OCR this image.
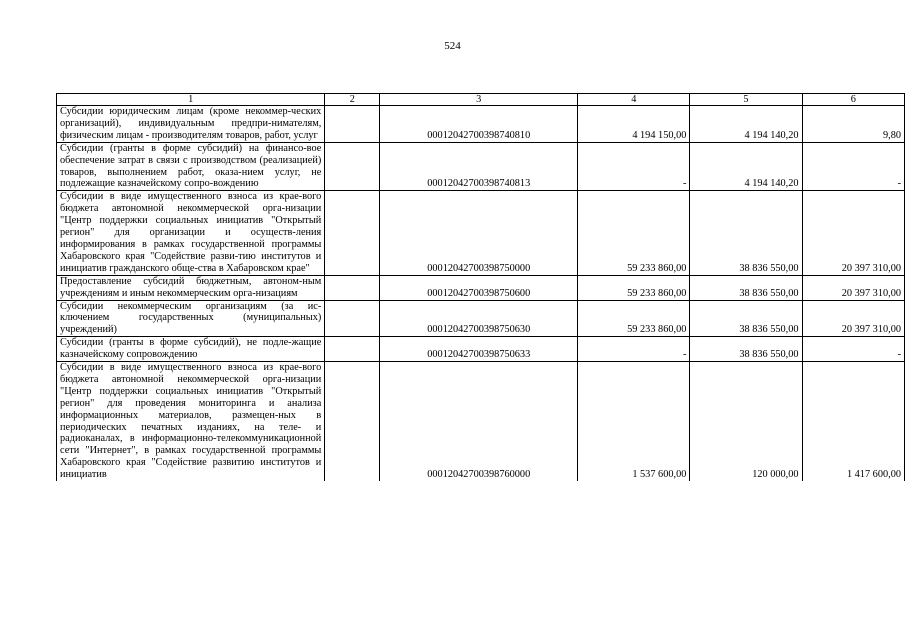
524
1	2	3	4	5	6
Субсидии юридическим лицам (кроме некоммер-ческих организаций), индивидуальным предпри-нимателям, физическим лицам - производителям товаров, работ, услуг		00012042700398740810	4 194 150,00	4 194 140,20	9,80
Субсидии (гранты в форме субсидий) на финансо-вое обеспечение затрат в связи с производством (реализацией) товаров, выполнением работ, оказа-нием услуг, не подлежащие казначейскому сопро-вождению		00012042700398740813	-	4 194 140,20	-
Субсидии в виде имущественного взноса из крае-вого бюджета автономной некоммерческой орга-низации "Центр поддержки социальных инициатив "Открытый регион" для организации и осуществ-ления информирования в рамках государственной программы Хабаровского края "Содействие разви-тию институтов и инициатив гражданского обще-ства в Хабаровском крае"		00012042700398750000	59 233 860,00	38 836 550,00	20 397 310,00
Предоставление субсидий бюджетным, автоном-ным учреждениям и иным некоммерческим орга-низациям		00012042700398750600	59 233 860,00	38 836 550,00	20 397 310,00
Субсидии некоммерческим организациям (за ис-ключением государственных (муниципальных) учреждений)		00012042700398750630	59 233 860,00	38 836 550,00	20 397 310,00
Субсидии (гранты в форме субсидий), не подле-жащие казначейскому сопровождению		00012042700398750633	-	38 836 550,00	-
Субсидии в виде имущественного взноса из крае-вого бюджета автономной некоммерческой орга-низации "Центр поддержки социальных инициатив "Открытый регион" для проведения мониторинга и анализа информационных материалов, размещен-ных в периодических печатных изданиях, на теле- и радиоканалах, в информационно-телекоммуникационной сети "Интернет", в рамках государственной программы Хабаровского края "Содействие развитию институтов и инициатив		00012042700398760000	1 537 600,00	120 000,00	1 417 600,00
